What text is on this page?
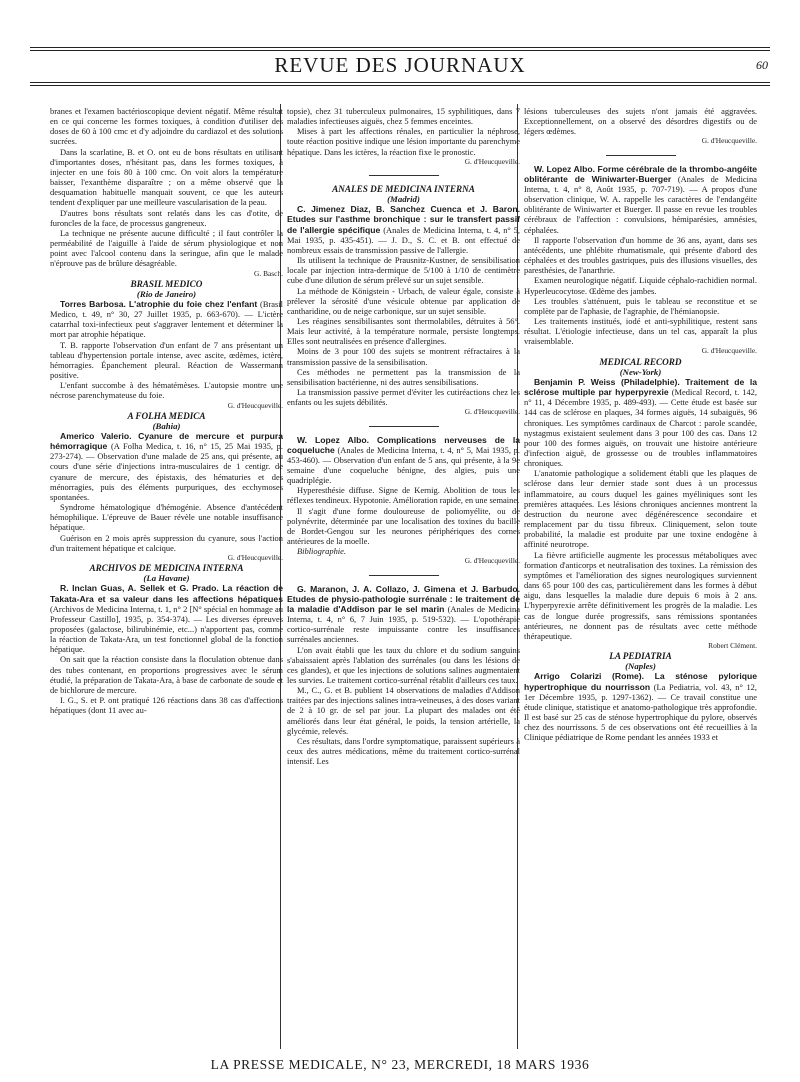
REVUE DES JOURNAUX	60

branes et l'examen bactérioscopique devient négatif. Même résultat en ce qui concerne les formes toxiques, à condition d'utiliser des doses de 60 à 100 cmc et d'y adjoindre du cardiazol et des solutions sucrées.

Dans la scarlatine, B. et O. ont eu de bons résultats en utilisant d'importantes doses, n'hésitant pas, dans les formes toxiques, à injecter en une fois 80 à 100 cmc. On voit alors la température baisser, l'exanthème disparaître ; on a même observé que la desquamation habituelle manquait souvent, ce que les auteurs tendent d'expliquer par une meilleure vascularisation de la peau.

D'autres bons résultats sont relatés dans les cas d'otite, de furoncles de la face, de processus gangreneux.

La technique ne présente aucune difficulté ; il faut contrôler la perméabilité de l'aiguille à l'aide de sérum physiologique et non point avec l'alcool contenu dans la seringue, afin que le malade n'éprouve pas de brûlure désagréable.

G. Basch.

BRASIL MEDICO

(Rio de Janeiro)

Torres Barbosa. L'atrophie du foie chez l'enfant (Brasil Medico, t. 49, n° 30, 27 Juillet 1935, p. 663-670). — L'ictère catarrhal toxi-infectieux peut s'aggraver lentement et déterminer la mort par atrophie hépatique.

T. B. rapporte l'observation d'un enfant de 7 ans présentant un tableau d'hypertension portale intense, avec ascite, œdèmes, ictère, hémorragies. Épanchement pleural. Réaction de Wassermann positive.

L'enfant succombe à des hématémèses. L'autopsie montre une nécrose parenchymateuse du foie.

G. d'Heucqueville.

A FOLHA MEDICA

(Bahia)

Americo Valerio. Cyanure de mercure et purpura hémorragique (A Folha Medica, t. 16, n° 15, 25 Mai 1935, p. 273-274). — Observation d'une malade de 25 ans, qui présente, au cours d'une série d'injections intra-musculaires de 1 centigr. de cyanure de mercure, des épistaxis, des hématuries et des ménorragies, puis des éléments purpuriques, des ecchymoses spontanées.

Syndrome hématologique d'hémogénie. Absence d'antécédent hémophilique. L'épreuve de Bauer révèle une notable insuffisance hépatique.

Guérison en 2 mois après suppression du cyanure, sous l'action d'un traitement hépatique et calcique.

G. d'Heucqueville.

ARCHIVOS DE MEDICINA INTERNA

(La Havane)

R. Inclan Guas, A. Sellek et G. Prado. La réaction de Takata-Ara et sa valeur dans les affections hépatiques (Archivos de Medicina Interna, t. 1, n° 2 [N° spécial en hommage au Professeur Castillo], 1935, p. 354-374). — Les diverses épreuves proposées (galactose, bilirubinémie, etc...) n'apportent pas, comme la réaction de Takata-Ara, un test fonctionnel global de la fonction hépatique.

On sait que la réaction consiste dans la floculation obtenue dans des tubes contenant, en proportions progressives avec le sérum étudié, la préparation de Takata-Ara, à base de carbonate de soude et de bichlorure de mercure.

I. G., S. et P. ont pratiqué 126 réactions dans 38 cas d'affections hépatiques (dont 11 avec au-

topsie), chez 31 tuberculeux pulmonaires, 15 syphilitiques, dans 7 maladies infectieuses aiguës, chez 5 femmes enceintes.

Mises à part les affections rénales, en particulier la néphrose, toute réaction positive indique une lésion importante du parenchyme hépatique. Dans les ictères, la réaction fixe le pronostic.

G. d'Heucqueville.

ANALES DE MEDICINA INTERNA

(Madrid)

C. Jimenez Diaz, B. Sanchez Cuenca et J. Baron. Etudes sur l'asthme bronchique : sur le transfert passif de l'allergie spécifique (Anales de Medicina Interna, t. 4, n° 5, Mai 1935, p. 435-451). — J. D., S. C. et B. ont effectué de nombreux essais de transmission passive de l'allergie.

Ils utilisent la technique de Prausnitz-Kustner, de sensibilisation locale par injection intra-dermique de 5/100 à 1/10 de centimètre cube d'une dilution de sérum prélevé sur un sujet sensible.

La méthode de Königstein - Urbach, de valeur égale, consiste à prélever la sérosité d'une vésicule obtenue par application de cantharidine, ou de neige carbonique, sur un sujet sensible.

Les réagines sensibilisantes sont thermolabiles, détruites à 56°. Mais leur activité, à la température normale, persiste longtemps. Elles sont neutralisées en présence d'allergines.

Moins de 3 pour 100 des sujets se montrent réfractaires à la transmission passive de la sensibilisation.

Ces méthodes ne permettent pas la transmission de la sensibilisation bactérienne, ni des autres sensibilisations.

La transmission passive permet d'éviter les cutiréactions chez les enfants ou les sujets débilités.

G. d'Heucqueville.

W. Lopez Albo. Complications nerveuses de la coqueluche (Anales de Medicina Interna, t. 4, n° 5, Mai 1935, p. 453-460). — Observation d'un enfant de 5 ans, qui présente, à la 9e semaine d'une coqueluche bénigne, des algies, puis une quadriplégie.

Hyperesthésie diffuse. Signe de Kernig. Abolition de tous les réflexes tendineux. Hypotonie. Amélioration rapide, en une semaine.

Il s'agit d'une forme douloureuse de poliomyélite, ou de polynévrite, déterminée par une localisation des toxines du bacille de Bordet-Gengou sur les neurones périphériques des cornes antérieures de la moelle.

Bibliographie.

G. d'Heucqueville.

G. Maranon, J. A. Collazo, J. Gimena et J. Barbudo. Etudes de physio-pathologie surrénale : le traitement de la maladie d'Addison par le sel marin (Anales de Medicina Interna, t. 4, n° 6, 7 Juin 1935, p. 519-532). — L'opothérapie cortico-surrénale reste impuissante contre les insuffisances surrénales anciennes.

L'on avait établi que les taux du chlore et du sodium sanguins s'abaissaient après l'ablation des surrénales (ou dans les lésions de ces glandes), et que les injections de solutions salines augmentaient les survies. Le traitement cortico-surrénal rétablit d'ailleurs ces taux.

M., C., G. et B. publient 14 observations de maladies d'Addison traitées par des injections salines intra-veineuses, à des doses variant de 2 à 10 gr. de sel par jour. La plupart des malades ont été améliorés dans leur état général, le poids, la tension artérielle, la glycémie, relevés.

Ces résultats, dans l'ordre symptomatique, paraissent supérieurs à ceux des autres médications, même du traitement cortico-surrénal intensif. Les

lésions tuberculeuses des sujets n'ont jamais été aggravées. Exceptionnellement, on a observé des désordres digestifs ou de légers œdèmes.

G. d'Heucqueville.

W. Lopez Albo. Forme cérébrale de la thrombo-angéite oblitérante de Winiwarter-Buerger (Anales de Medicina Interna, t. 4, n° 8, Août 1935, p. 707-719). — A propos d'une observation clinique, W. A. rappelle les caractères de l'endangéite oblitérante de Winiwarter et Buerger. Il passe en revue les troubles cérébraux de l'affection : convulsions, hémiparésies, amnésies, céphalées.

Il rapporte l'observation d'un homme de 36 ans, ayant, dans ses antécédents, une phlébite rhumatismale, qui présente d'abord des céphalées et des troubles gastriques, puis des illusions visuelles, des paresthésies, de l'anarthrie.

Examen neurologique négatif. Liquide céphalo-rachidien normal. Hyperleucocytose. Œdème des jambes.

Les troubles s'atténuent, puis le tableau se reconstitue et se complète par de l'aphasie, de l'agraphie, de l'hémianopsie.

Les traitements institués, iodé et anti-syphilitique, restent sans résultat. L'étiologie infectieuse, dans un tel cas, apparaît la plus vraisemblable.

G. d'Heucqueville.

MEDICAL RECORD

(New-York)

Benjamin P. Weiss (Philadelphie). Traitement de la sclérose multiple par hyperpyrexie (Medical Record, t. 142, n° 11, 4 Décembre 1935, p. 489-493). — Cette étude est basée sur 144 cas de sclérose en plaques, 34 formes aiguës, 14 subaiguës, 96 chroniques. Les symptômes cardinaux de Charcot : parole scandée, nystagmus existaient seulement dans 3 pour 100 des cas. Dans 12 pour 100 des formes aiguës, on trouvait une histoire antérieure d'infection aiguë, de grossesse ou de troubles inflammatoires chroniques.

L'anatomie pathologique a solidement établi que les plaques de sclérose dans leur dernier stade sont dues à un processus inflammatoire, au cours duquel les gaines myéliniques sont les premières attaquées. Les lésions chroniques anciennes montrent la destruction du neurone avec dégénérescence secondaire et remplacement par du tissu fibreux. Cliniquement, selon toute probabilité, la maladie est produite par une toxine endogène à affinité neurotrope.

La fièvre artificielle augmente les processus métaboliques avec formation d'anticorps et neutralisation des toxines. La rémission des symptômes et l'amélioration des signes neurologiques surviennent dans 65 pour 100 des cas, particulièrement dans les formes à début aigu, dans lesquelles la maladie dure depuis 6 mois à 2 ans. L'hyperpyrexie arrête définitivement les progrès de la maladie. Les cas de longue durée progressifs, sans rémissions spontanées antérieures, ne donnent pas de résultats avec cette méthode thérapeutique.

Robert Clément.

LA PEDIATRIA

(Naples)

Arrigo Colarizi (Rome). La sténose pylorique hypertrophique du nourrisson (La Pediatria, vol. 43, n° 12, 1er Décembre 1935, p. 1297-1362). — Ce travail constitue une étude clinique, statistique et anatomo-pathologique très approfondie. Il est basé sur 25 cas de sténose hypertrophique du pylore, observés chez des nourrissons. 5 de ces observations ont été recueillies à la Clinique pédiatrique de Rome pendant les années 1933 et

LA PRESSE MEDICALE, N° 23, MERCREDI, 18 MARS 1936
